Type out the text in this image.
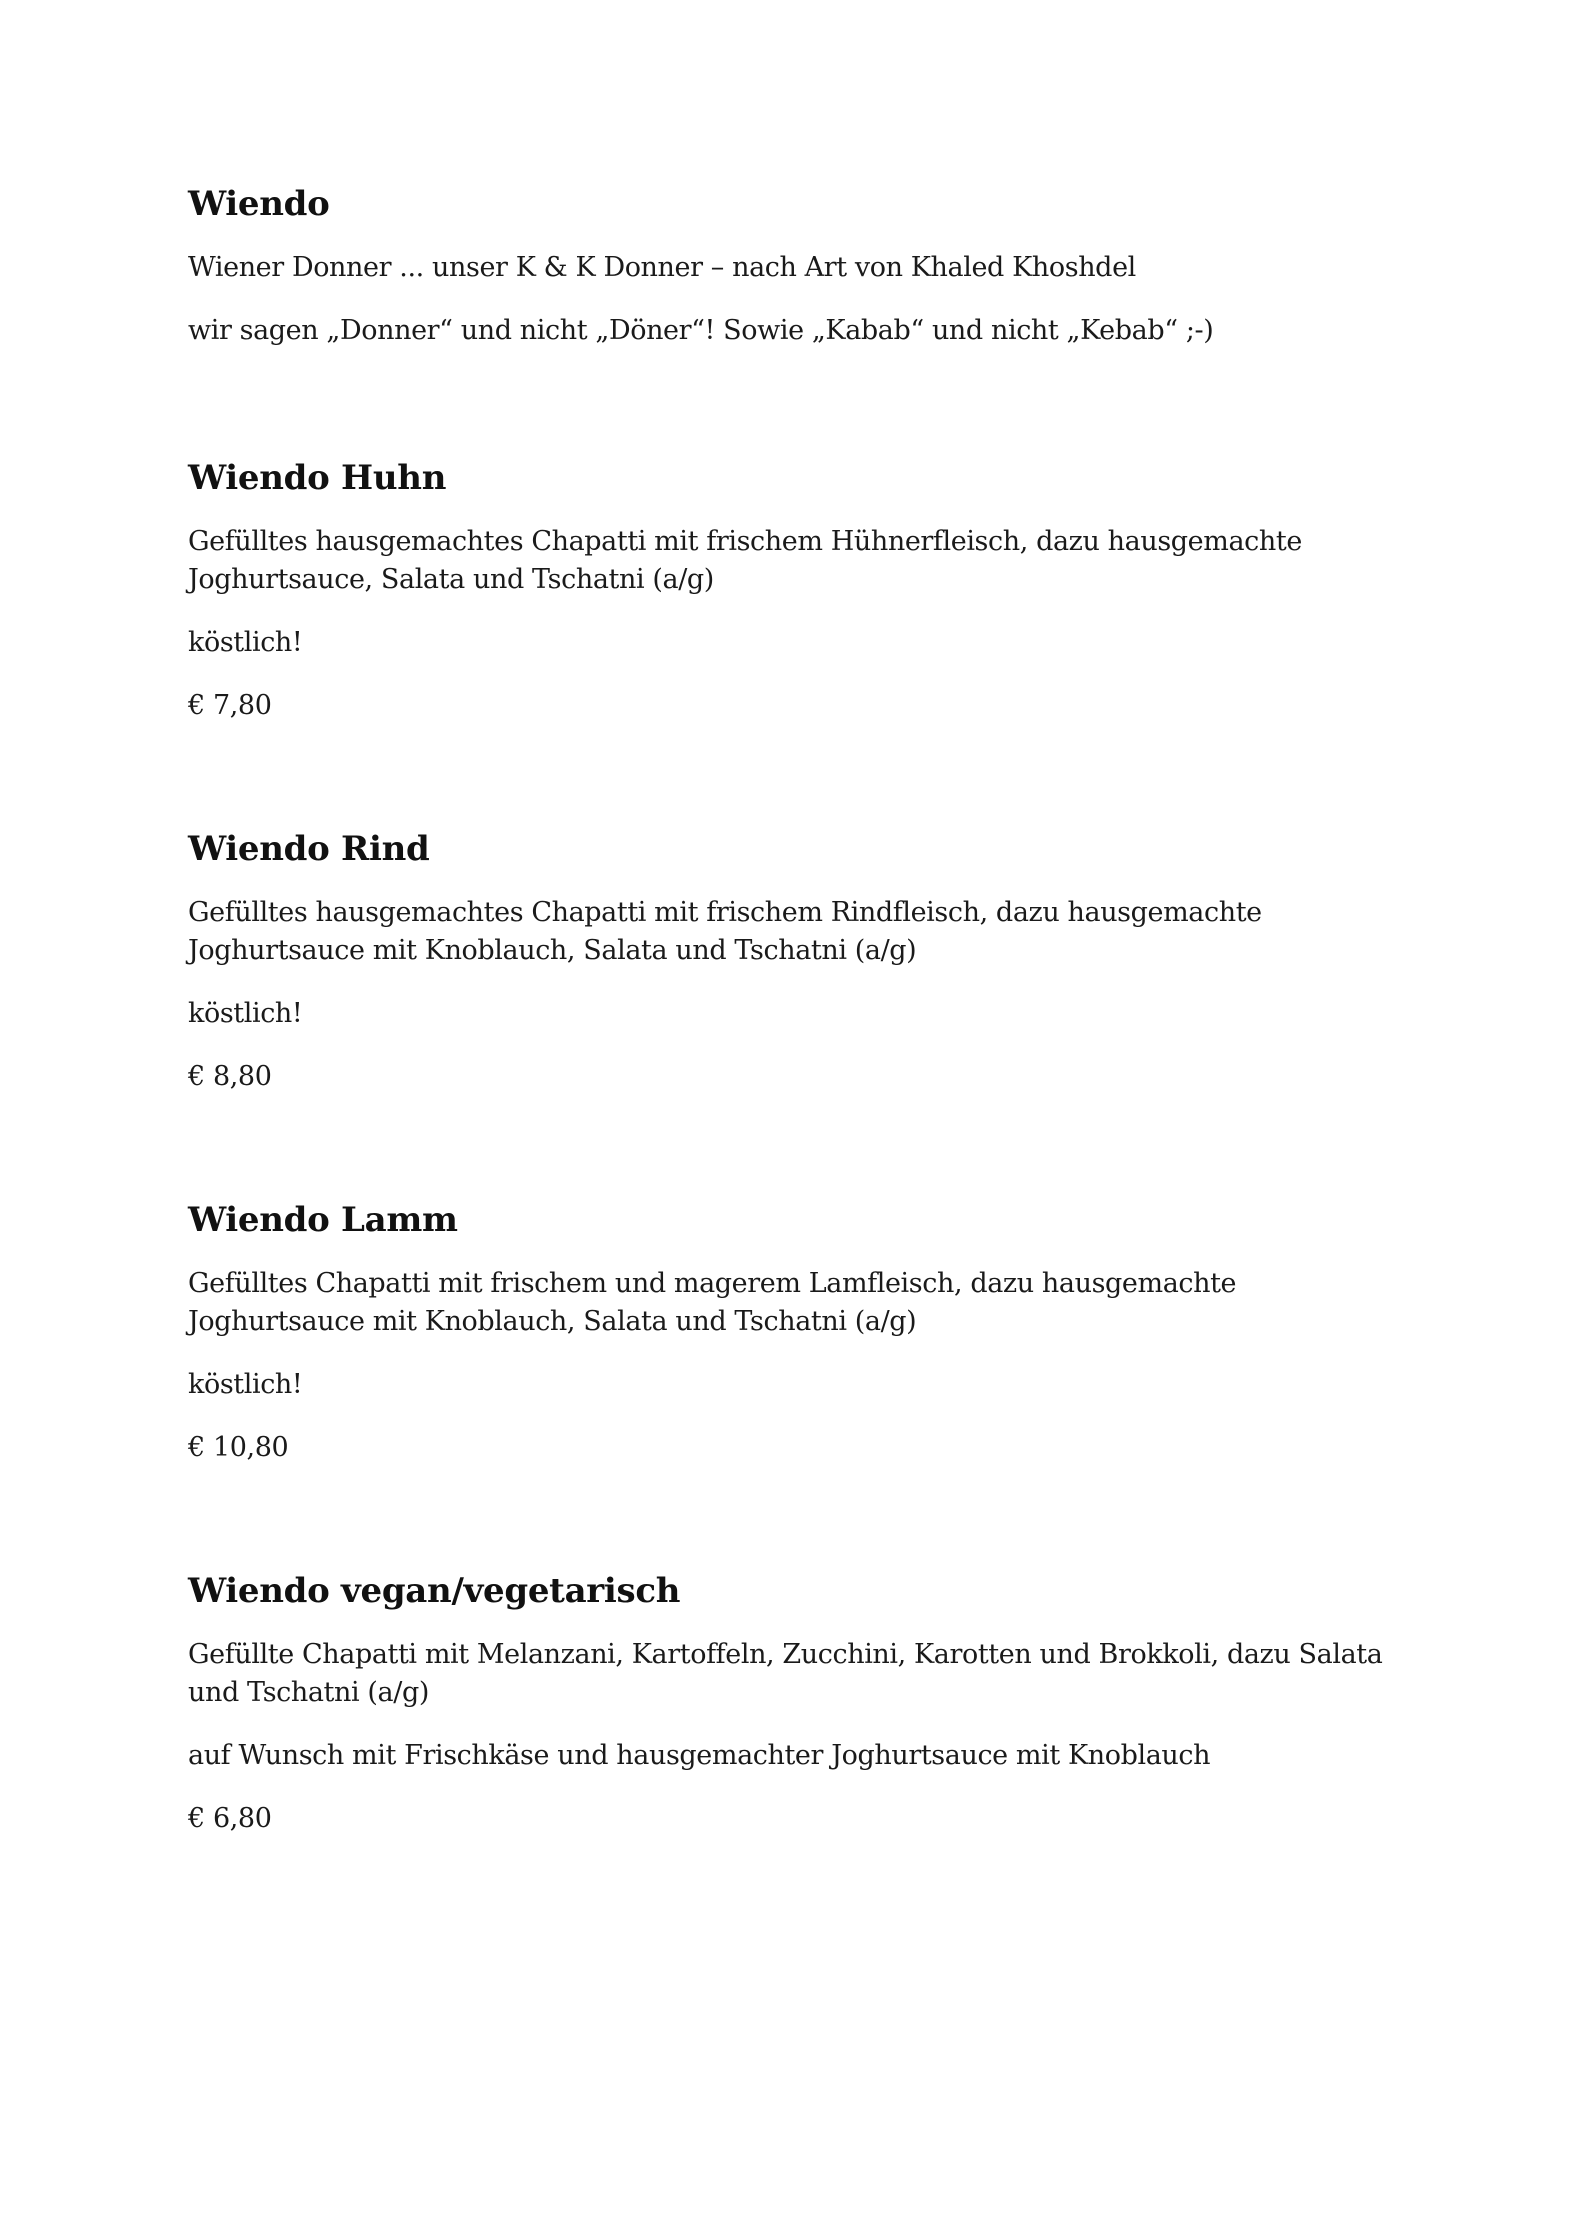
Wiendo

Wiener Donner ... unser K & K Donner – nach Art von Khaled Khoshdel

wir sagen „Donner“ und nicht „Döner“! Sowie „Kabab“ und nicht „Kebab“ ;-)

Wiendo Huhn

Gefülltes hausgemachtes Chapatti mit frischem Hühnerfleisch, dazu hausgemachte Joghurtsauce, Salata und Tschatni (a/g)

köstlich!

€ 7,80

Wiendo Rind

Gefülltes hausgemachtes Chapatti mit frischem Rindfleisch, dazu hausgemachte Joghurtsauce mit Knoblauch, Salata und Tschatni (a/g)

köstlich!

€ 8,80

Wiendo Lamm

Gefülltes Chapatti mit frischem und magerem Lamfleisch, dazu hausgemachte Joghurtsauce mit Knoblauch, Salata und Tschatni (a/g)

köstlich!

€ 10,80

Wiendo vegan/vegetarisch

Gefüllte Chapatti mit Melanzani, Kartoffeln, Zucchini, Karotten und Brokkoli, dazu Salata und Tschatni (a/g)

auf Wunsch mit Frischkäse und hausgemachter Joghurtsauce mit Knoblauch

€ 6,80
